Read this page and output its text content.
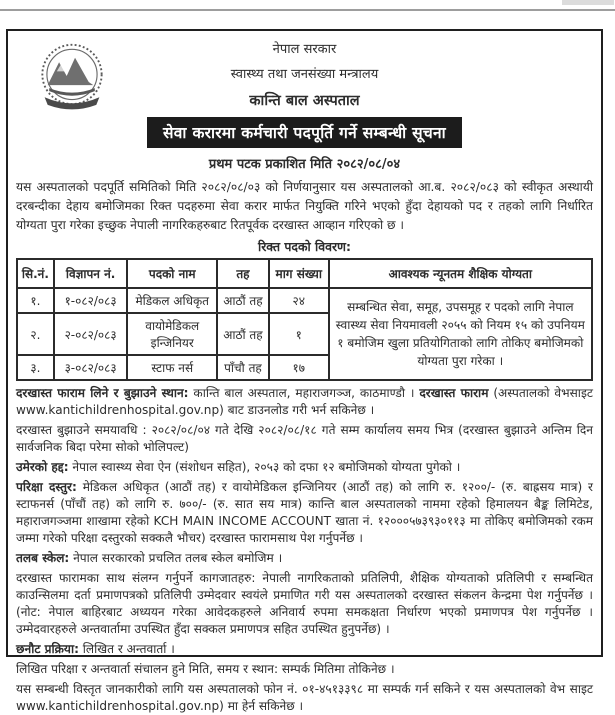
नेपाल सरकार
स्वास्थ्य तथा जनसंख्या मन्त्रालय
कान्ति बाल अस्पताल
सेवा करारमा कर्मचारी पदपूर्ति गर्ने सम्बन्धी सूचना
प्रथम पटक प्रकाशित मिति २०८२/०८/०४

यस अस्पतालको पदपूर्ति समितिको मिति २०८२/०८/०३ को निर्णयानुसार यस अस्पतालको आ.ब. २०८२/०८३ को स्वीकृत अस्थायी दरबन्दीका देहाय बमोजिमका रिक्त पदहरुमा सेवा करार मार्फत नियुक्ति गरिने भएको हुँदा देहायको पद र तहको लागि निर्धारित योग्यता पुरा गरेका इच्छुक नेपाली नागरिकहरुबाट रितपूर्वक दरखास्त आव्हान गरिएको छ ।

रिक्त पदको विवरण:
सि.नं.	विज्ञापन नं.	पदको नाम	तह	माग संख्या	आवश्यक न्यूनतम शैक्षिक योग्यता
१.	१-०८२/०८३	मेडिकल अधिकृत	आठौं तह	२४	सम्बन्धित सेवा, समूह, उपसमूह र पदको लागि नेपाल स्वास्थ्य सेवा नियमावली २०५५ को नियम १५ को उपनियम १ बमोजिम खुला प्रतियोगिताको लागि तोकिए बमोजिमको योग्यता पुरा गरेका ।
२.	२-०८२/०८३	वायोमेडिकल इन्जिनियर	आठौं तह	१	
३.	३-०८२/०८३	स्टाफ नर्स	पाँचौ तह	१७	

दरखास्त फाराम लिने र बुझाउने स्थान: कान्ति बाल अस्पताल, महाराजगञ्ज, काठमाण्डौ । दरखास्त फाराम (अस्पतालको वेभसाइट www.kantichildrenhospital.gov.np) बाट डाउनलोड गरी भर्न सकिनेछ ।

दरखास्त बुझाउने समयावधि : २०८२/०८/०४ गते देखि २०८२/०८/१८ गते सम्म कार्यालय समय भित्र (दरखास्त बुझाउने अन्तिम दिन सार्वजनिक बिदा परेमा सोको भोलिपल्ट)

उमेरको हद्द: नेपाल स्वास्थ्य सेवा ऐन (संशोधन सहित), २०५३ को दफा १२ बमोजिमको योग्यता पुगेको ।

परिक्षा दस्तुर: मेडिकल अधिकृत (आठौं तह) र वायोमेडिकल इन्जिनियर (आठौं तह) को लागि रु. १२००/- (रु. बाह्रसय मात्र) र स्टाफनर्स (पाँचौं तह) को लागि रु. ७००/- (रु. सात सय मात्र) कान्ति बाल अस्पतालको नाममा रहेको हिमालयन बैङ्क लिमिटेड, महाराजगञ्जमा शाखामा रहेको KCH MAIN INCOME ACCOUNT खाता नं. १२०००५७३९३०११३ मा तोकिए बमोजिमको रकम जम्मा गरेको परिक्षा दस्तुरको सक्कलै भौचर) दरखास्त फारामसाथ पेश गर्नुपर्नेछ ।

तलब स्केल: नेपाल सरकारको प्रचलित तलब स्केल बमोजिम ।

दरखास्त फारामका साथ संलग्न गर्नुपर्ने कागजातहरु: नेपाली नागरिकताको प्रतिलिपी, शैक्षिक योग्यताको प्रतिलिपी र सम्बन्धित काउन्सिलमा दर्ता प्रमाणपत्रको प्रतिलिपी उम्मेदवार स्वयंले प्रमाणित गरी यस अस्पतालको दरखास्त संकलन केन्द्रमा पेश गर्नुपर्नेछ । (नोट: नेपाल बाहिरबाट अध्ययन गरेका आवेदकहरुले अनिवार्य रुपमा समकक्षता निर्धारण भएको प्रमाणपत्र पेश गर्नुपर्नेछ । उम्मेदवारहरुले अन्तवार्तामा उपस्थित हुँदा सक्कल प्रमाणपत्र सहित उपस्थित हुनुपर्नेछ) ।

छनौट प्रक्रिया: लिखित र अन्तवार्ता ।

लिखित परिक्षा र अन्तवार्ता संचालन हुने मिति, समय र स्थान: सम्पर्क मितिमा तोकिनेछ ।

यस सम्बन्धी विस्तृत जानकारीको लागि यस अस्पतालको फोन नं. ०१-४५१३३९८ मा सम्पर्क गर्न सकिने र यस अस्पतालको वेभ साइट www.kantichildrenhospital.gov.np) मा हेर्न सकिनेछ ।
